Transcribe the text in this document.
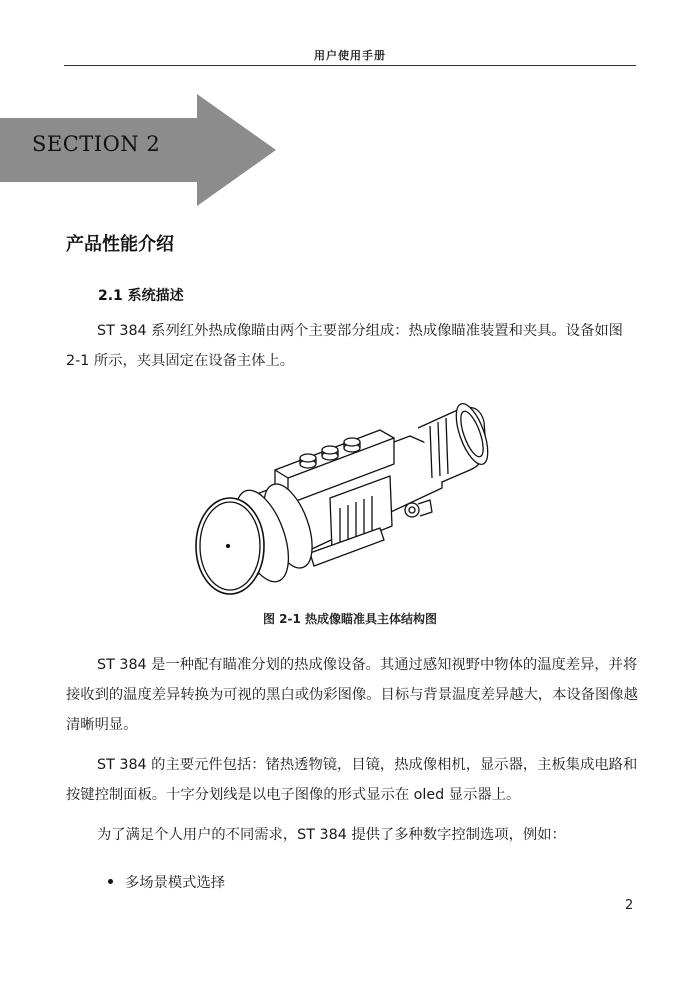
用户使用手册
SECTION 2
产品性能介绍
2.1 系统描述
ST 384 系列红外热成像瞄由两个主要部分组成：热成像瞄准装置和夹具。设备如图 2-1 所示，夹具固定在设备主体上。
图 2-1 热成像瞄准具主体结构图
ST 384 是一种配有瞄准分划的热成像设备。其通过感知视野中物体的温度差异，并将接收到的温度差异转换为可视的黑白或伪彩图像。目标与背景温度差异越大，本设备图像越清晰明显。
ST 384 的主要元件包括：锗热透物镜，目镜，热成像相机，显示器，主板集成电路和按键控制面板。十字分划线是以电子图像的形式显示在 oled 显示器上。
为了满足个人用户的不同需求，ST 384 提供了多种数字控制选项，例如：
多场景模式选择
2
